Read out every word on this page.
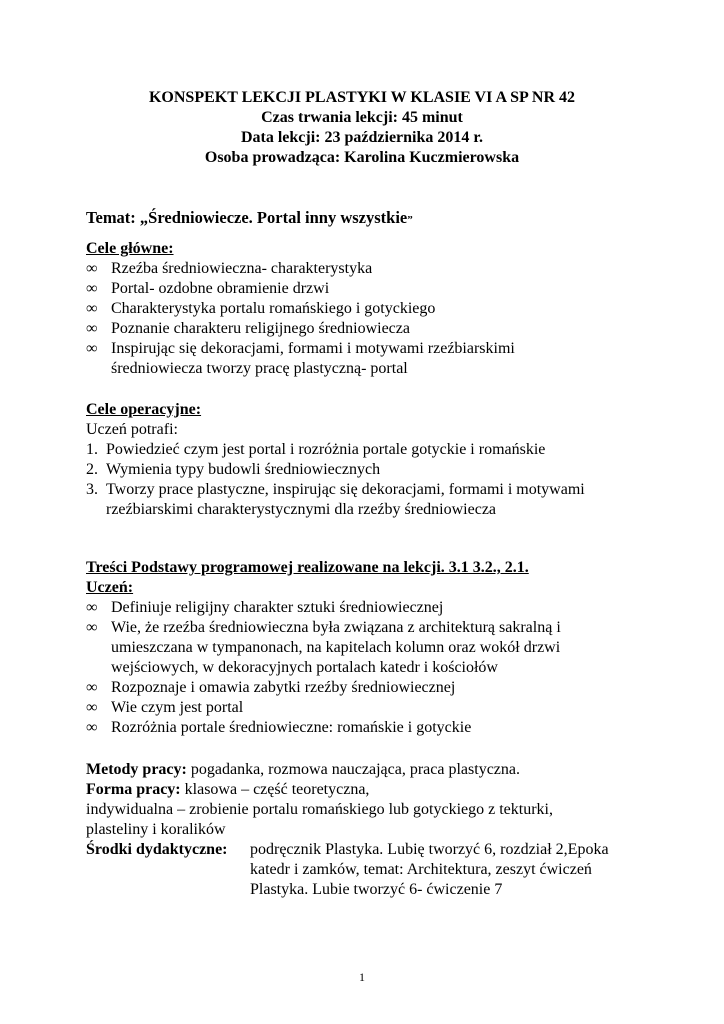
KONSPEKT LEKCJI PLASTYKI W KLASIE VI A SP NR 42
Czas trwania lekcji: 45 minut
Data lekcji: 23 października 2014 r.
Osoba prowadząca: Karolina Kuczmierowska
Temat: „Średniowiecze. Portal inny wszystkie”
Cele główne:
∞ Rzeźba średniowieczna- charakterystyka
∞ Portal- ozdobne obramienie drzwi
∞ Charakterystyka portalu romańskiego i gotyckiego
∞ Poznanie charakteru religijnego średniowiecza
∞ Inspirując się dekoracjami, formami i motywami rzeźbiarskimi
średniowiecza tworzy pracę plastyczną- portal
Cele operacyjne:
Uczeń potrafi:
1. Powiedzieć czym jest portal i rozróżnia portale gotyckie i romańskie
2. Wymienia typy budowli średniowiecznych
3. Tworzy prace plastyczne, inspirując się dekoracjami, formami i motywami
rzeźbiarskimi charakterystycznymi dla rzeźby średniowiecza
Treści Podstawy programowej realizowane na lekcji. 3.1 3.2., 2.1.
Uczeń:
∞ Definiuje religijny charakter sztuki średniowiecznej
∞ Wie, że rzeźba średniowieczna była związana z architekturą sakralną i
umieszczana w tympanonach, na kapitelach kolumn oraz wokół drzwi
wejściowych, w dekoracyjnych portalach katedr i kościołów
∞ Rozpoznaje i omawia zabytki rzeźby średniowiecznej
∞ Wie czym jest portal
∞ Rozróżnia portale średniowieczne: romańskie i gotyckie
Metody pracy: pogadanka, rozmowa nauczająca, praca plastyczna.
Forma pracy: klasowa – część teoretyczna,
indywidualna – zrobienie portalu romańskiego lub gotyckiego z tekturki,
plasteliny i koralików
Środki dydaktyczne:	podręcznik Plastyka. Lubię tworzyć 6, rozdział 2,Epoka
katedr i zamków, temat: Architektura, zeszyt ćwiczeń
Plastyka. Lubie tworzyć 6- ćwiczenie 7
1
